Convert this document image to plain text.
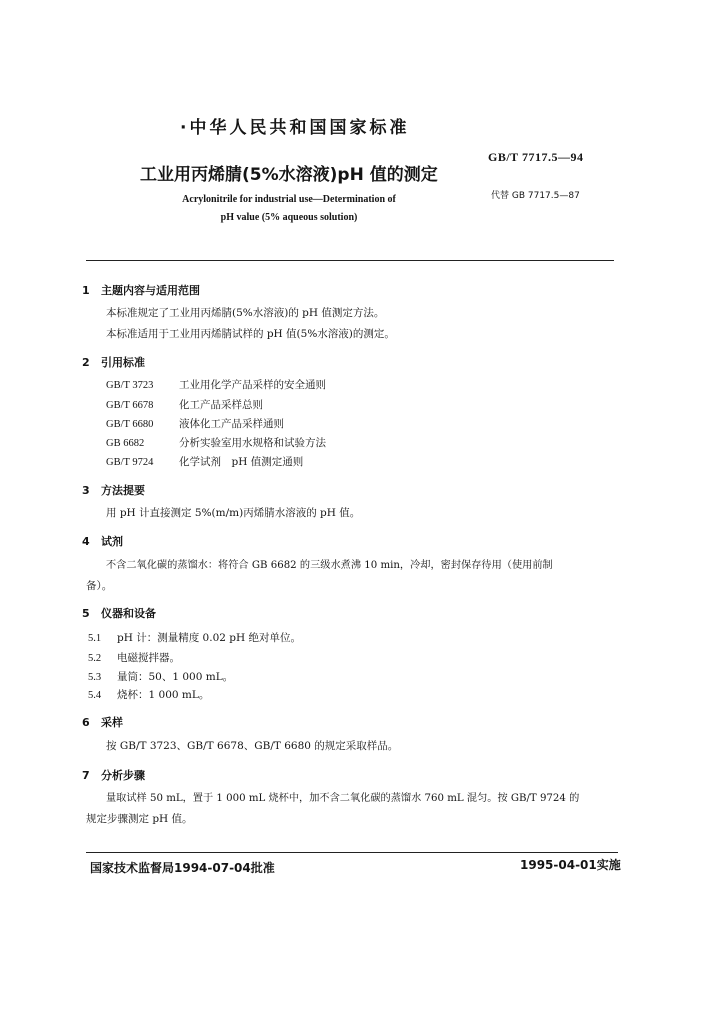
·中华人民共和国国家标准
工业用丙烯腈(5%水溶液)pH 值的测定
GB/T 7717.5—94
代替 GB 7717.5—87
Acrylonitrile for industrial use—Determination of
pH value (5% aqueous solution)
1 主题内容与适用范围
本标准规定了工业用丙烯腈(5%水溶液)的 pH 值测定方法。
本标准适用于工业用丙烯腈试样的 pH 值(5%水溶液)的测定。
2 引用标准
GB/T 3723 工业用化学产品采样的安全通则
GB/T 6678 化工产品采样总则
GB/T 6680 液体化工产品采样通则
GB 6682	分析实验室用水规格和试验方法
GB/T 9724 化学试剂　pH 值测定通则
3 方法提要
用 pH 计直接测定 5%(m/m)丙烯腈水溶液的 pH 值。
4 试剂
不含二氧化碳的蒸馏水：将符合 GB 6682 的三级水煮沸 10 min，冷却，密封保存待用（使用前制
备）。
5 仪器和设备
5.1 pH 计：测量精度 0.02 pH 绝对单位。
5.2 电磁搅拌器。
5.3 量筒：50、1 000 mL。
5.4 烧杯：1 000 mL。
6 采样
按 GB/T 3723、GB/T 6678、GB/T 6680 的规定采取样品。
7 分析步骤
量取试样 50 mL，置于 1 000 mL 烧杯中，加不含二氧化碳的蒸馏水 760 mL 混匀。按 GB/T 9724 的
规定步骤测定 pH 值。
国家技术监督局1994-07-04批准	1995-04-01实施
